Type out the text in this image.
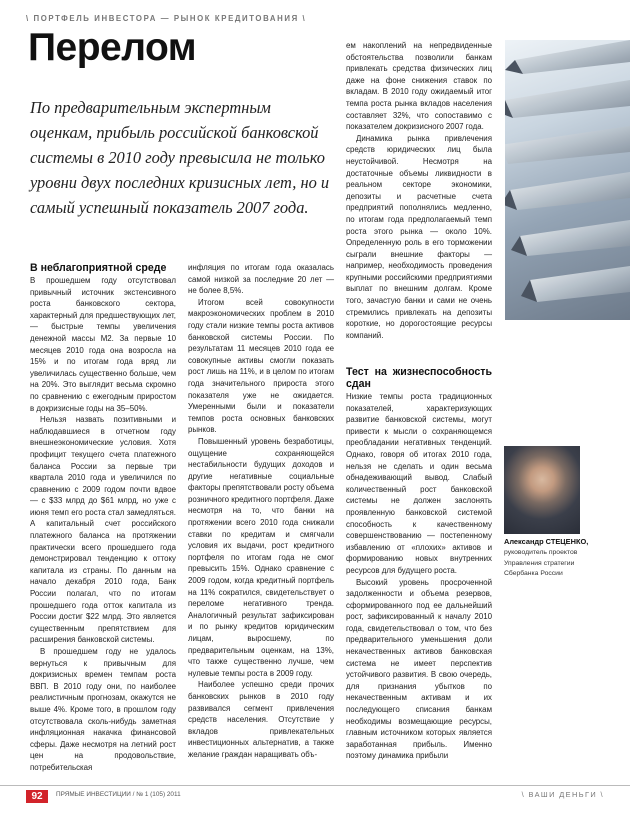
\ ПОРТФЕЛЬ ИНВЕСТОРА — РЫНОК КРЕДИТОВАНИЯ \
Перелом
По предварительным экспертным оценкам, прибыль российской банковской системы в 2010 году превысила не только уровни двух последних кризисных лет, но и самый успешный показатель 2007 года.
В неблагоприятной среде

В прошедшем году отсутствовал привычный источник экстенсивного роста банковского сектора, характерный для предшествующих лет, — быстрые темпы увеличения денежной массы М2. За первые 10 месяцев 2010 года она возросла на 15% и по итогам года вряд ли увеличилась существенно больше, чем на 20%. Это выглядит весьма скромно по сравнению с ежегодным приростом в докризисные годы на 35–50%.

Нельзя назвать позитивными и наблюдавшиеся в отчетном году внешнеэкономические условия. Хотя профицит текущего счета платежного баланса России за первые три квартала 2010 года и увеличился по сравнению с 2009 годом почти вдвое — с $33 млрд до $61 млрд, но уже с июня темп его роста стал замедляться. А капитальный счет российского платежного баланса на протяжении практически всего прошедшего года демонстрировал тенденцию к оттоку капитала из страны. По данным на начало декабря 2010 года, Банк России полагал, что по итогам прошедшего года отток капитала из России достиг $22 млрд. Это является существенным препятствием для расширения банковской системы.

В прошедшем году не удалось вернуться к привычным для докризисных времен темпам роста ВВП. В 2010 году они, по наиболее реалистичным прогнозам, окажутся не выше 4%. Кроме того, в прошлом году отсутствовала сколь-нибудь заметная инфляционная накачка финансовой сферы. Даже несмотря на летний рост цен на продовольствие, потребительская

инфляция по итогам года оказалась самой низкой за последние 20 лет — не более 8,5%.

Итогом всей совокупности макроэкономических проблем в 2010 году стали низкие темпы роста активов банковской системы России. По результатам 11 месяцев 2010 года ее совокупные активы смогли показать рост лишь на 11%, и в целом по итогам года значительного прироста этого показателя уже не ожидается. Умеренными были и показатели темпов роста основных банковских рынков.

Повышенный уровень безработицы, ощущение сохраняющейся нестабильности будущих доходов и другие негативные социальные факторы препятствовали росту объема розничного кредитного портфеля. Даже несмотря на то, что банки на протяжении всего 2010 года снижали ставки по кредитам и смягчали условия их выдачи, рост кредитного портфеля по итогам года не смог превысить 15%. Однако сравнение с 2009 годом, когда кредитный портфель на 11% сократился, свидетельствует о переломе негативного тренда. Аналогичный результат зафиксирован и по рынку кредитов юридическим лицам, выросшему, по предварительным оценкам, на 13%, что также существенно лучше, чем нулевые темпы роста в 2009 году.

Наиболее успешно среди прочих банковских рынков в 2010 году развивался сегмент привлечения средств населения. Отсутствие у вкладов привлекательных инвестиционных альтернатив, а также желание граждан наращивать объ-

ем накоплений на непредвиденные обстоятельства позволили банкам привлекать средства физических лиц даже на фоне снижения ставок по вкладам. В 2010 году ожидаемый итог темпа роста рынка вкладов населения составляет 32%, что сопоставимо с показателем докризисного 2007 года.

Динамика рынка привлечения средств юридических лиц была неустойчивой. Несмотря на достаточные объемы ликвидности в реальном секторе экономики, депозиты и расчетные счета предприятий пополнялись медленно, по итогам года предполагаемый темп роста этого рынка — около 10%. Определенную роль в его торможении сыграли внешние факторы — например, необходимость проведения крупными российскими предприятиями выплат по внешним долгам. Кроме того, зачастую банки и сами не очень стремились привлекать на депозиты короткие, но дорогостоящие ресурсы компаний.

Тест на жизнеспособность сдан

Низкие темпы роста традиционных показателей, характеризующих развитие банковской системы, могут привести к мысли о сохраняющемся преобладании негативных тенденций. Однако, говоря об итогах 2010 года, нельзя не сделать и один весьма обнадеживающий вывод. Слабый количественный рост банковской системы не должен заслонять проявленную банковской системой способность к качественному совершенствованию — постепенному избавлению от «плохих» активов и формированию новых внутренних ресурсов для будущего роста.

Высокий уровень просроченной задолженности и объема резервов, сформированного под ее дальнейший рост, зафиксированный к началу 2010 года, свидетельствовал о том, что без предварительного уменьшения доли некачественных активов банковская система не имеет перспектив устойчивого развития. В свою очередь, для признания убытков по некачественным активам и их последующего списания банкам необходимы возмещающие ресурсы, главным источником которых является заработанная прибыль. Именно поэтому динамика прибыли

Александр СТЕЦЕНКО,
руководитель проектов Управления стратегии Сбербанка России
92	ПРЯМЫЕ ИНВЕСТИЦИИ / № 1 (105) 2011	\ ВАШИ ДЕНЬГИ \
